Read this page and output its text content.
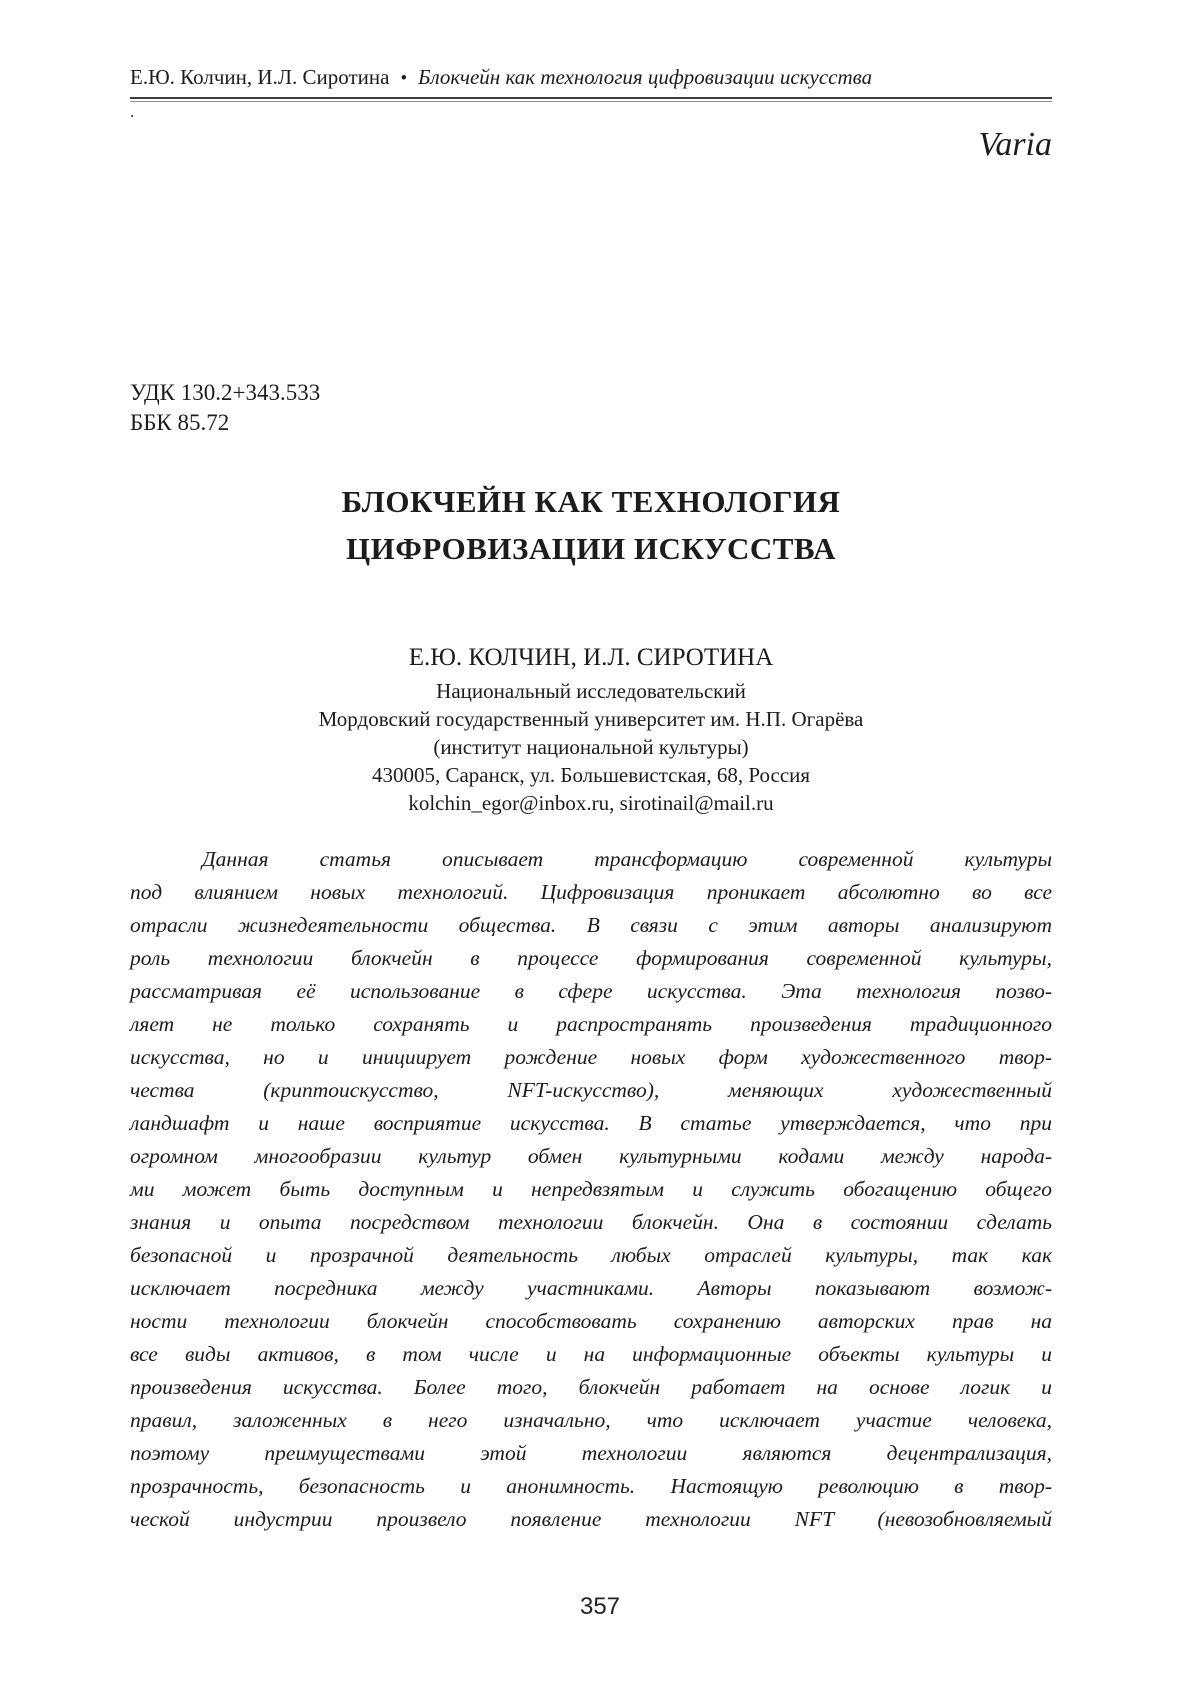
Е.Ю. Колчин, И.Л. Сиротина • Блокчейн как технология цифровизации искусства
.
Varia
УДК 130.2+343.533
ББК 85.72
БЛОКЧЕЙН КАК ТЕХНОЛОГИЯ
ЦИФРОВИЗАЦИИ ИСКУССТВА
Е.Ю. КОЛЧИН, И.Л. СИРОТИНА
Национальный исследовательский
Мордовский государственный университет им. Н.П. Огарёва
(институт национальной культуры)
430005, Саранск, ул. Большевистская, 68, Россия
kolchin_egor@inbox.ru, sirotinail@mail.ru
Данная статья описывает трансформацию современной культуры
под влиянием новых технологий. Цифровизация проникает абсолютно во все
отрасли жизнедеятельности общества. В связи с этим авторы анализируют
роль технологии блокчейн в процессе формирования современной культуры,
рассматривая её использование в сфере искусства. Эта технология позво-
ляет не только сохранять и распространять произведения традиционного
искусства, но и инициирует рождение новых форм художественного твор-
чества (криптоискусство, NFT-искусство), меняющих художественный
ландшафт и наше восприятие искусства. В статье утверждается, что при
огромном многообразии культур обмен культурными кодами между народа-
ми может быть доступным и непредвзятым и служить обогащению общего
знания и опыта посредством технологии блокчейн. Она в состоянии сделать
безопасной и прозрачной деятельность любых отраслей культуры, так как
исключает посредника между участниками. Авторы показывают возмож-
ности технологии блокчейн способствовать сохранению авторских прав на
все виды активов, в том числе и на информационные объекты культуры и
произведения искусства. Более того, блокчейн работает на основе логик и
правил, заложенных в него изначально, что исключает участие человека,
поэтому преимуществами этой технологии являются децентрализация,
прозрачность, безопасность и анонимность. Настоящую революцию в твор-
ческой индустрии произвело появление технологии NFT (невозобновляемый
357
